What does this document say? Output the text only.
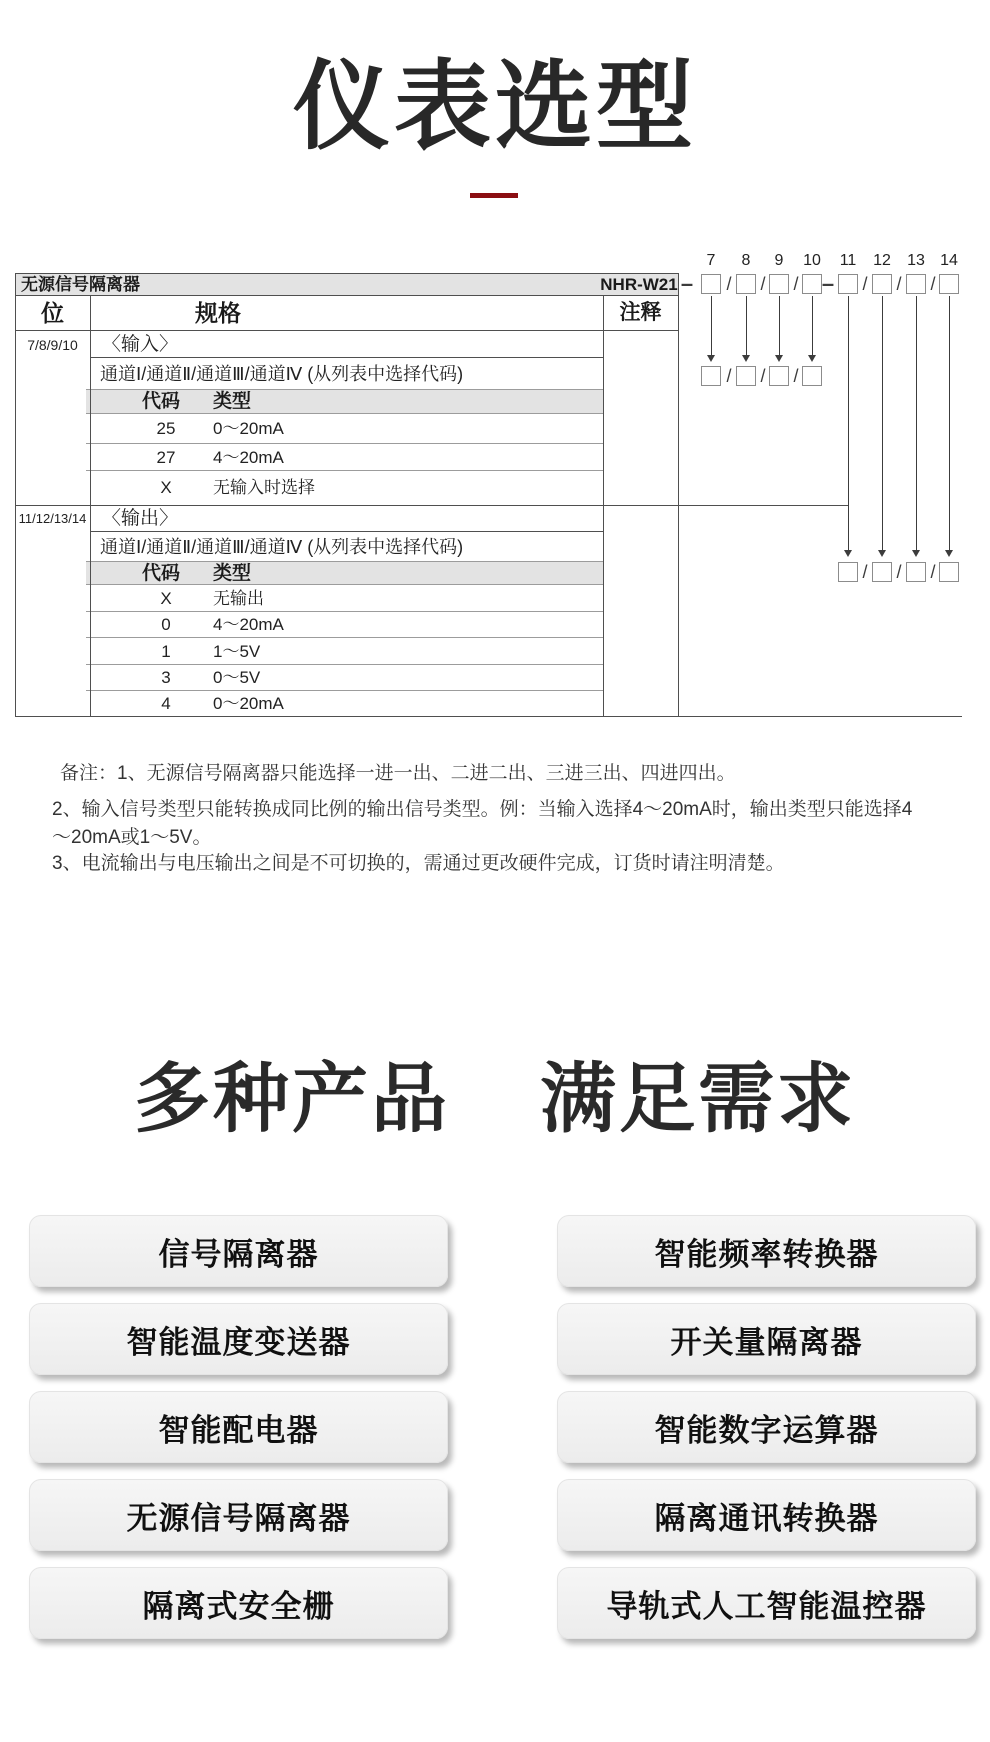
仪表选型
无源信号隔离器	NHR-W21
位	规格	注释
7/8/9/10	〈输入〉
通道Ⅰ/通道Ⅱ/通道Ⅲ/通道Ⅳ (从列表中选择代码)
代码	类型
25	0～20mA
27	4～20mA
X	无输入时选择
11/12/13/14 〈输出〉
通道Ⅰ/通道Ⅱ/通道Ⅲ/通道Ⅳ (从列表中选择代码)
代码	类型
X	无输出
0	4～20mA
1	1～5V
3	0～5V
4	0～20mA
7	8	9	10	11	12	13 14
–	–
/ / /	/ / /
/ / /
/ / /
备注：1、无源信号隔离器只能选择一进一出、二进二出、三进三出、四进四出。
2、输入信号类型只能转换成同比例的输出信号类型。例：当输入选择4～20mA时，输出类型只能选择4～20mA或1～5V。
3、电流输出与电压输出之间是不可切换的，需通过更改硬件完成，订货时请注明清楚。
多种产品 满足需求
信号隔离器
智能温度变送器
智能配电器
无源信号隔离器
隔离式安全栅
智能频率转换器
开关量隔离器
智能数字运算器
隔离通讯转换器
导轨式人工智能温控器
